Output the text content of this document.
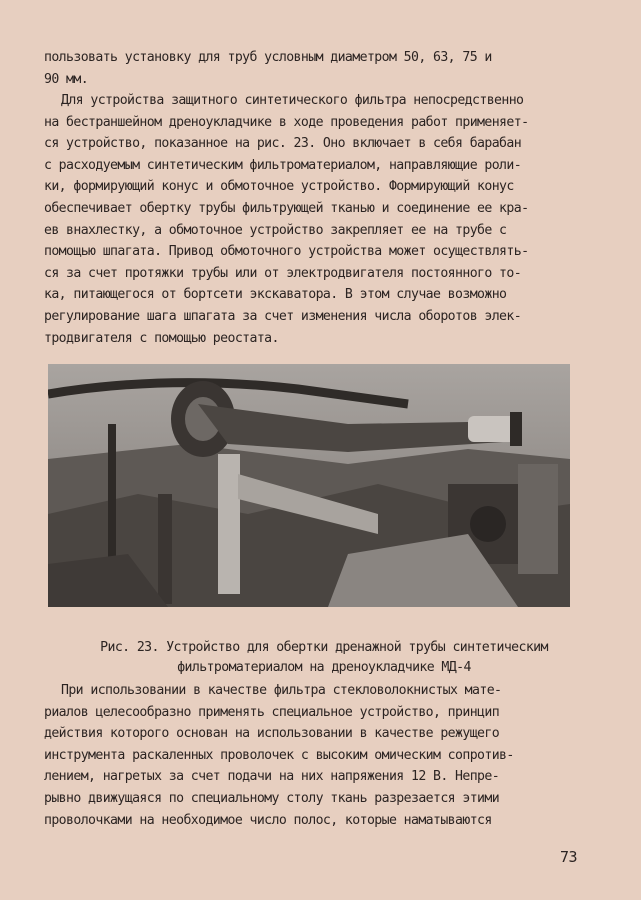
пользовать установку для труб условным диаметром 50, 63, 75 и
90 мм.
Для устройства защитного синтетического фильтра непосредственно
на бестраншейном дреноукладчике в ходе проведения работ применяет-
ся устройство, показанное на рис. 23. Оно включает в себя барабан
с расходуемым синтетическим фильтроматериалом, направляющие роли-
ки, формирующий конус и обмоточное устройство. Формирующий конус
обеспечивает обертку трубы фильтрующей тканью и соединение ее кра-
ев внахлестку, а обмоточное устройство закрепляет ее на трубе с
помощью шпагата. Привод обмоточного устройства может осуществлять-
ся за счет протяжки трубы или от электродвигателя постоянного то-
ка, питающегося от бортсети экскаватора. В этом случае возможно
регулирование шага шпагата за счет изменения числа оборотов элек-
тродвигателя с помощью реостата.
Рис. 23. Устройство для обертки дренажной трубы синтетическим
фильтроматериалом на дреноукладчике МД-4
При использовании в качестве фильтра стекловолокнистых мате-
риалов целесообразно применять специальное устройство, принцип
действия которого основан на использовании в качестве режущего
инструмента раскаленных проволочек с высоким омическим сопротив-
лением, нагретых за счет подачи на них напряжения 12 В. Непре-
рывно движущаяся по специальному столу ткань разрезается этими
проволочками на необходимое число полос, которые наматываются
73
